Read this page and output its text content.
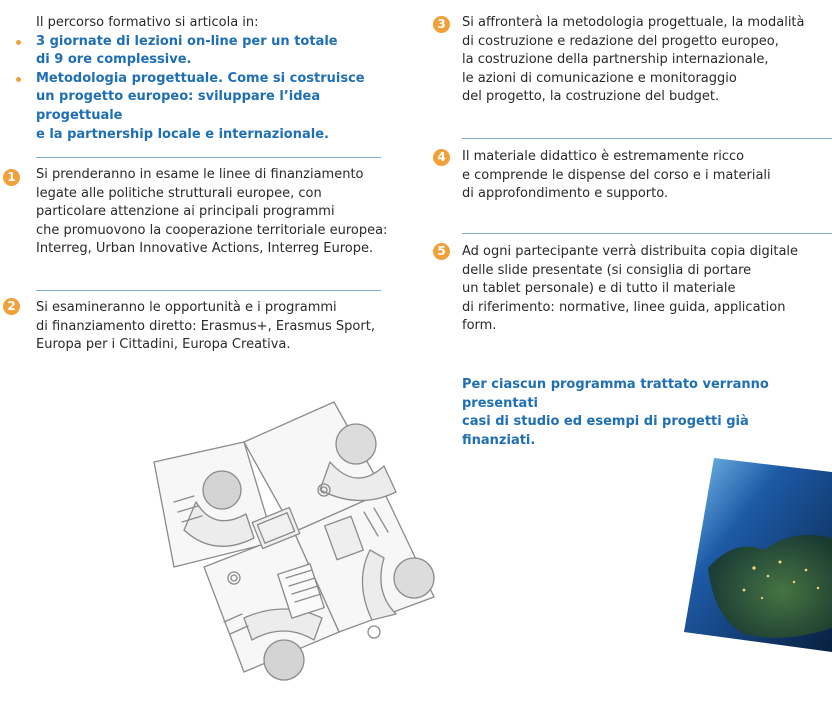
Il percorso formativo si articola in:

3 giornate di lezioni on-line per un totale
di 9 ore complessive.
Metodologia progettuale. Come si costruisce
un progetto europeo: sviluppare l’idea progettuale
e la partnership locale e internazionale.
1	Si prenderanno in esame le linee di finanziamento
legate alle politiche strutturali europee, con
particolare attenzione ai principali programmi
che promuovono la cooperazione territoriale europea:
Interreg, Urban Innovative Actions, Interreg Europe.

2	Si esamineranno le opportunità e i programmi
di finanziamento diretto: Erasmus+, Erasmus Sport,
Europa per i Cittadini, Europa Creativa.

3	Si affronterà la metodologia progettuale, la modalità
di costruzione e redazione del progetto europeo,
la costruzione della partnership internazionale,
le azioni di comunicazione e monitoraggio
del progetto, la costruzione del budget.

4	Il materiale didattico è estremamente ricco
e comprende le dispense del corso e i materiali
di approfondimento e supporto.

5	Ad ogni partecipante verrà distribuita copia digitale
delle slide presentate (si consiglia di portare
un tablet personale) e di tutto il materiale
di riferimento: normative, linee guida, application
form.

Per ciascun programma trattato verranno presentati
casi di studio ed esempi di progetti già finanziati.
